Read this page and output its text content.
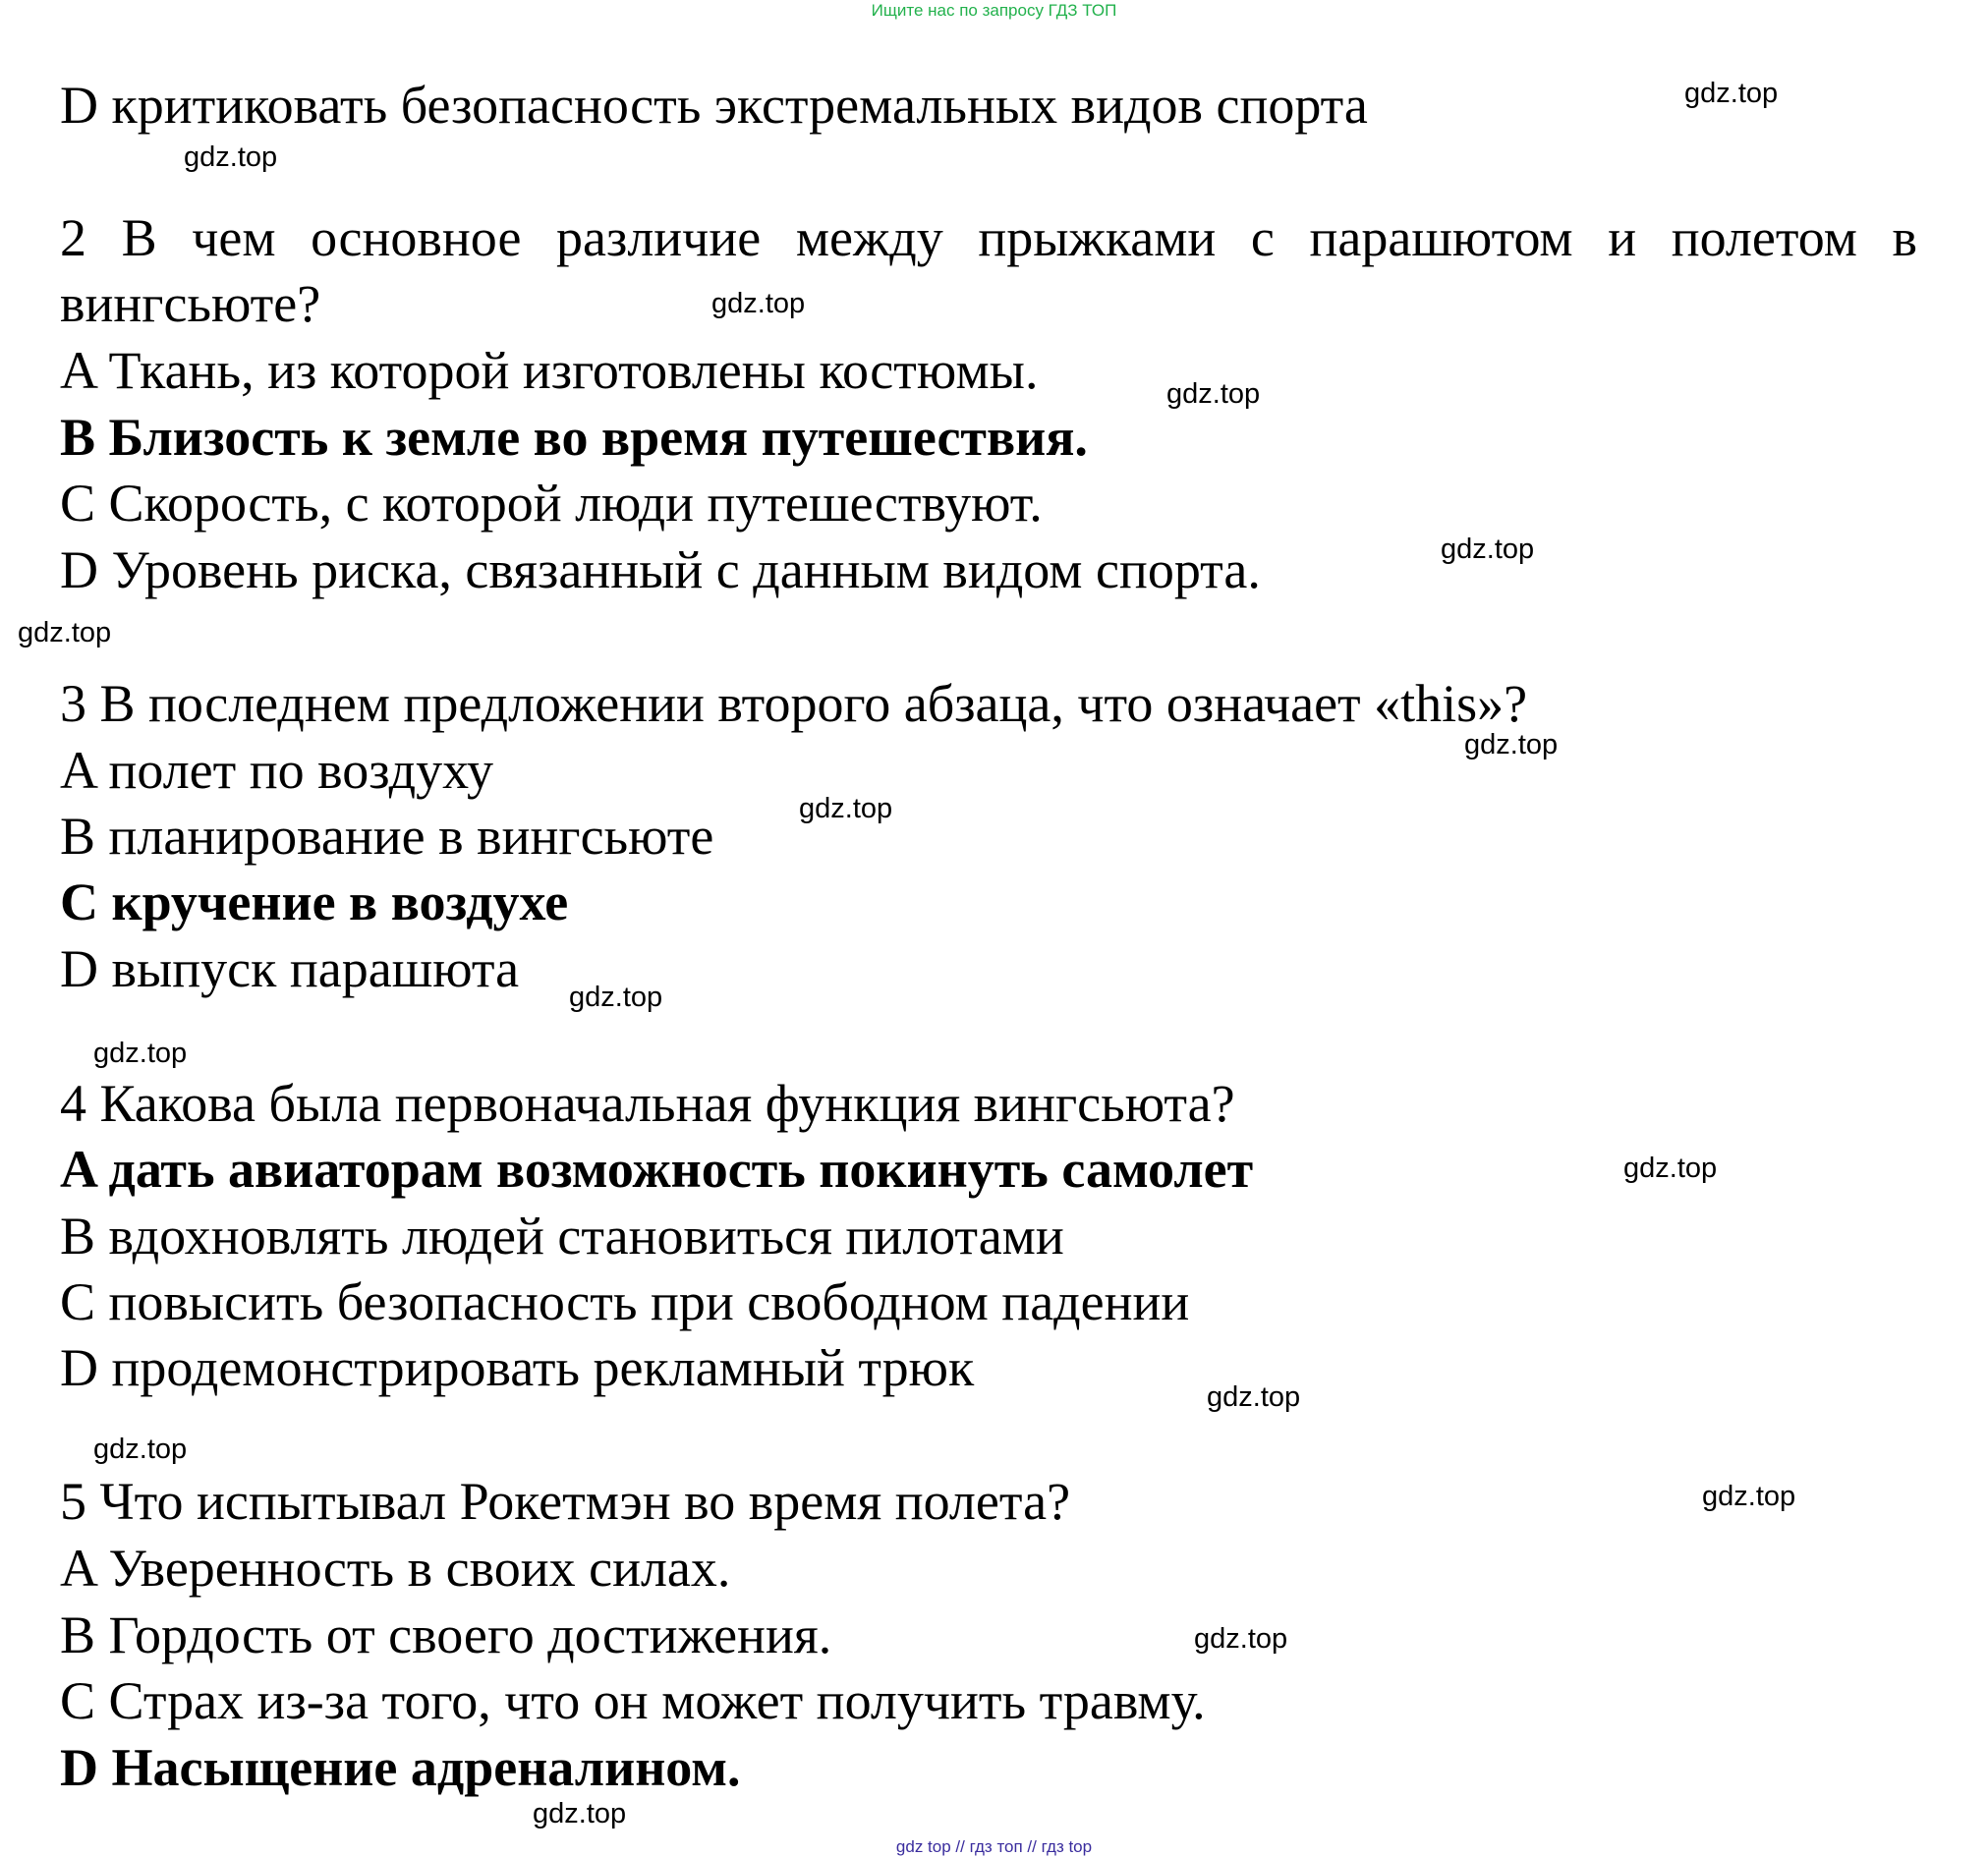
Ищите нас по запросу ГДЗ ТОП
D критиковать безопасность экстремальных видов спорта
2 В чем основное различие между прыжками с парашютом и полетом в
вингсьюте?
A Ткань, из которой изготовлены костюмы.
B Близость к земле во время путешествия.
C Скорость, с которой люди путешествуют.
D Уровень риска, связанный с данным видом спорта.
3 В последнем предложении второго абзаца, что означает «this»?
A полет по воздуху
B планирование в вингсьюте
C кручение в воздухе
D выпуск парашюта
4 Какова была первоначальная функция вингсьюта?
A дать авиаторам возможность покинуть самолет
B вдохновлять людей становиться пилотами
C повысить безопасность при свободном падении
D продемонстрировать рекламный трюк
5 Что испытывал Рокетмэн во время полета?
A Уверенность в своих силах.
B Гордость от своего достижения.
C Страх из-за того, что он может получить травму.
D Насыщение адреналином.
gdz.top
gdz.top
gdz.top
gdz.top
gdz.top
gdz.top
gdz.top
gdz.top
gdz.top
gdz.top
gdz.top
gdz.top
gdz.top
gdz.top
gdz.top
gdz.top
gdz top // гдз топ // гдз top
